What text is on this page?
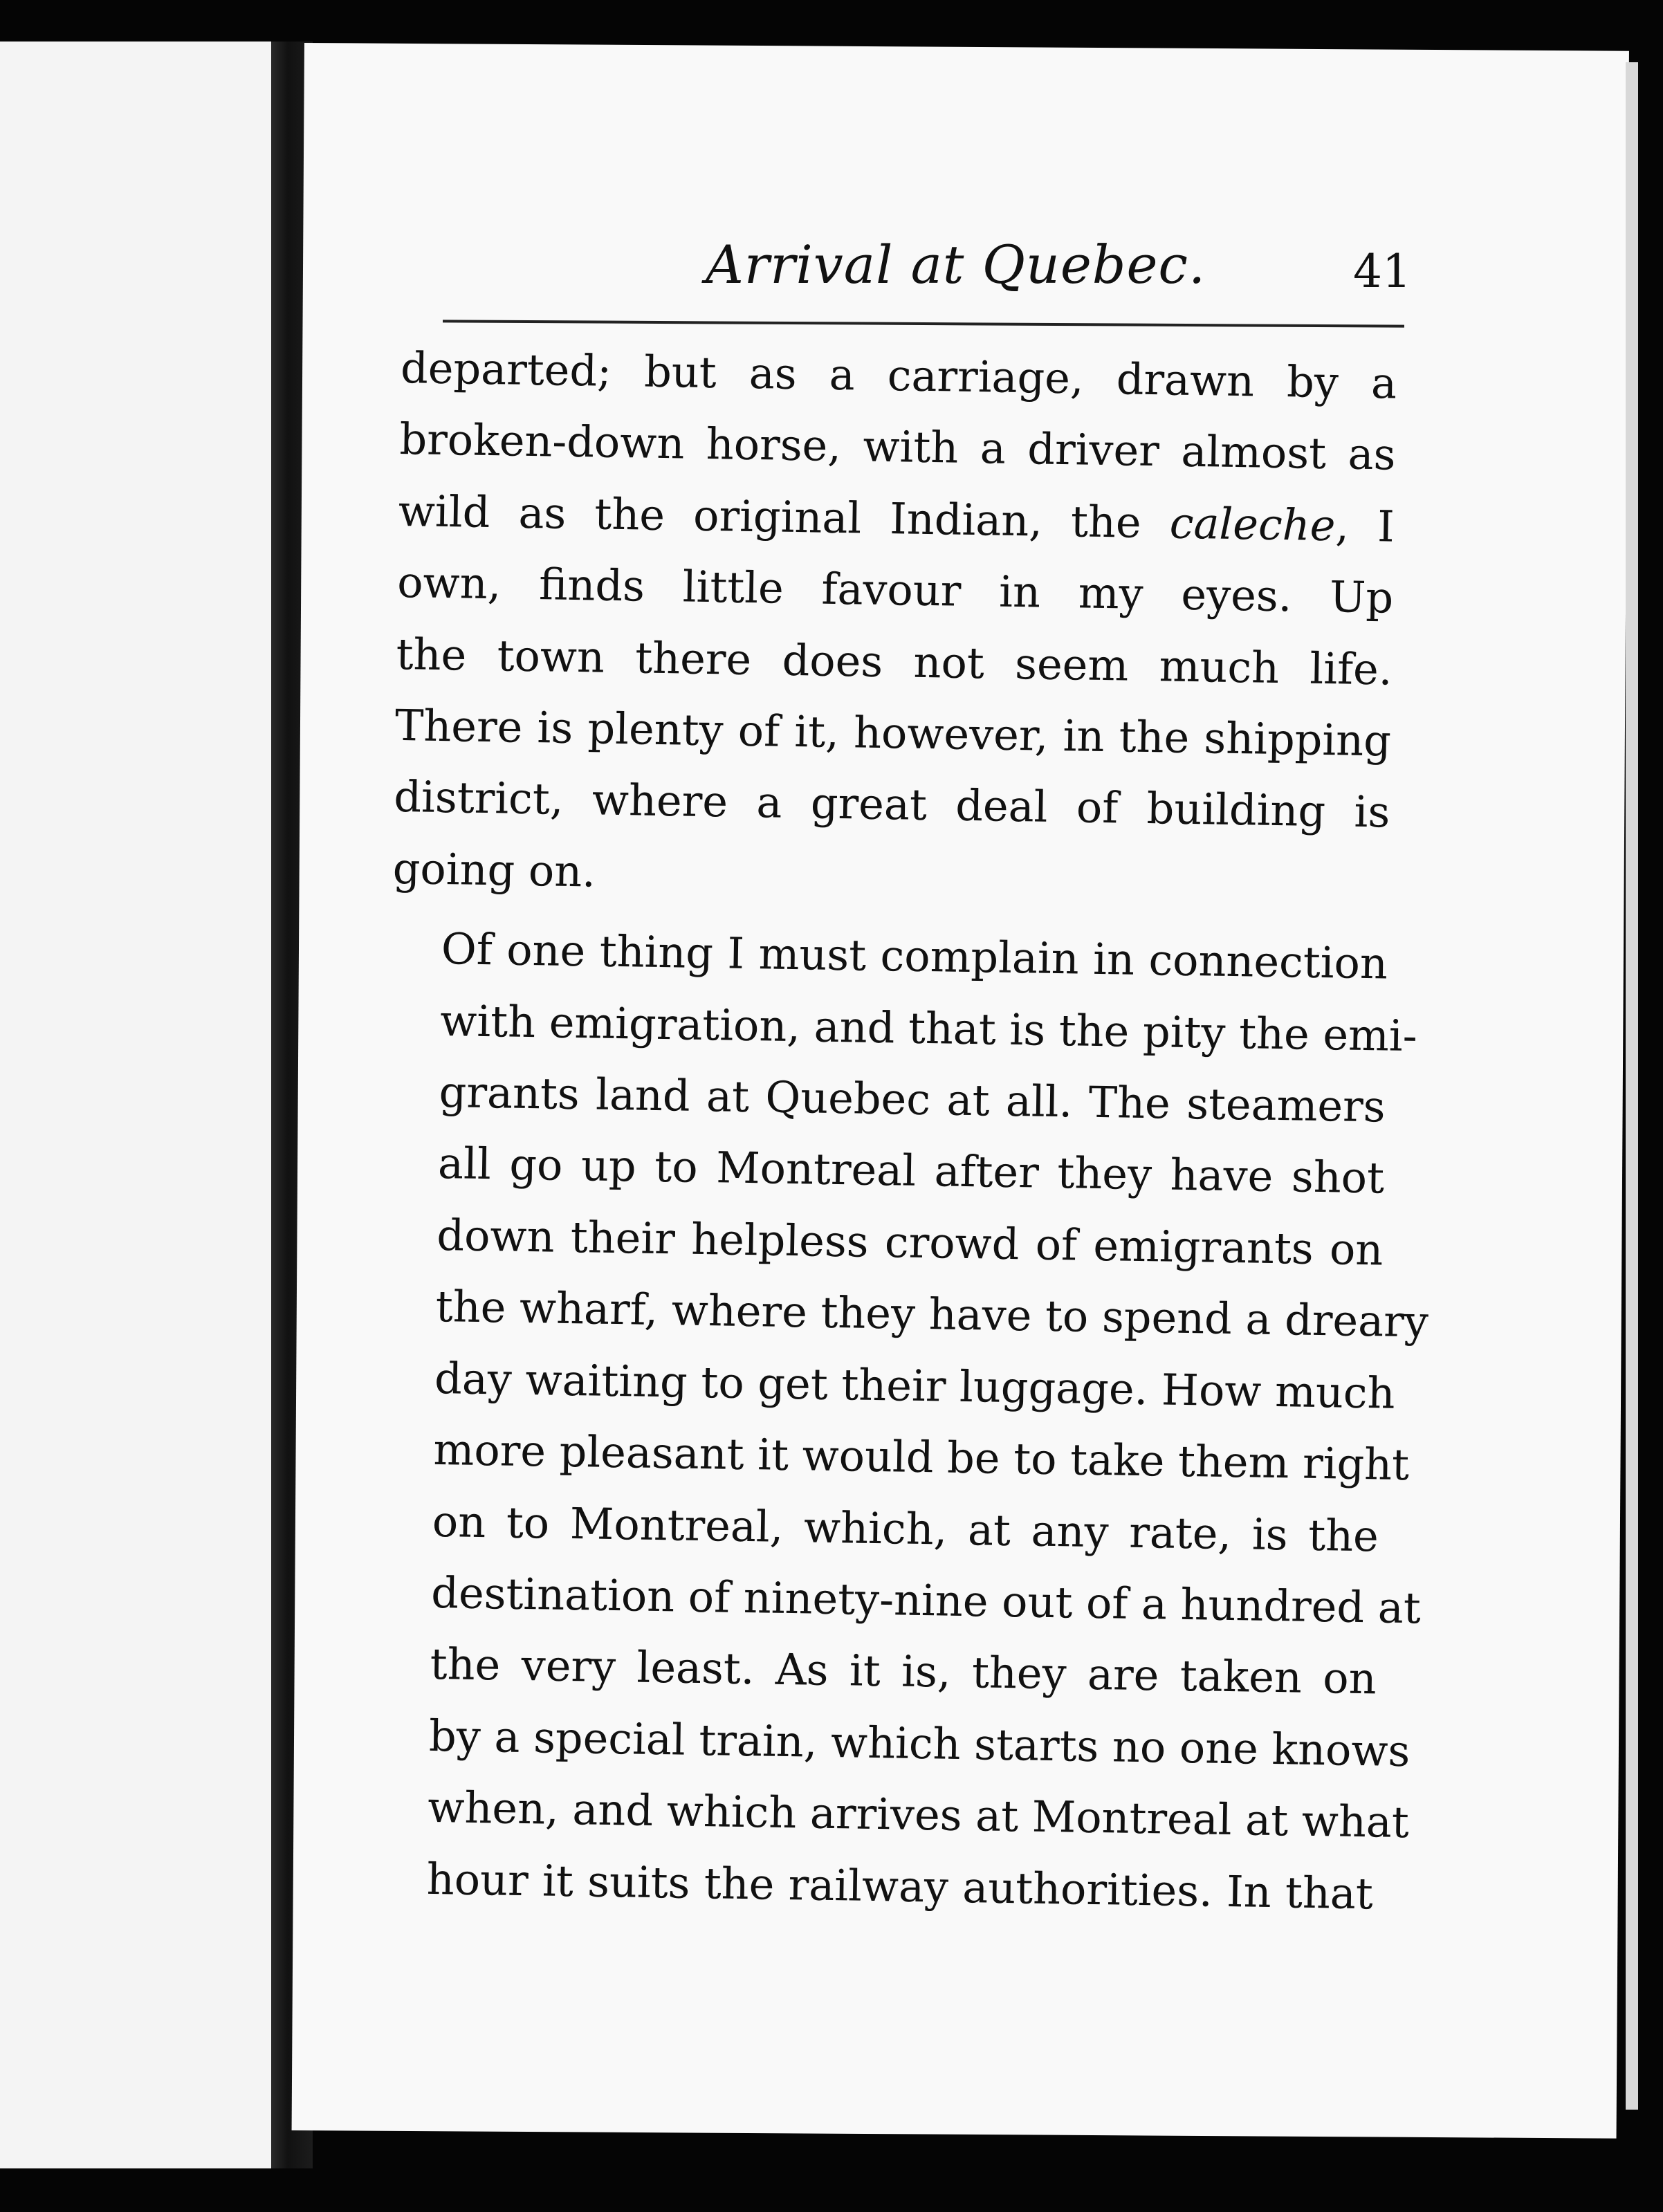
Arrival at Quebec.	41

departed; but as a carriage, drawn by a
broken-down horse, with a driver almost as
wild as the original Indian, the caleche, I
own, finds little favour in my eyes. Up
the town there does not seem much life.
There is plenty of it, however, in the shipping
district, where a great deal of building is
going on.

Of one thing I must complain in connection
with emigration, and that is the pity the emi-
grants land at Quebec at all. The steamers
all go up to Montreal after they have shot
down their helpless crowd of emigrants on
the wharf, where they have to spend a dreary
day waiting to get their luggage. How much
more pleasant it would be to take them right
on to Montreal, which, at any rate, is the
destination of ninety-nine out of a hundred at
the very least. As it is, they are taken on
by a special train, which starts no one knows
when, and which arrives at Montreal at what
hour it suits the railway authorities. In that
